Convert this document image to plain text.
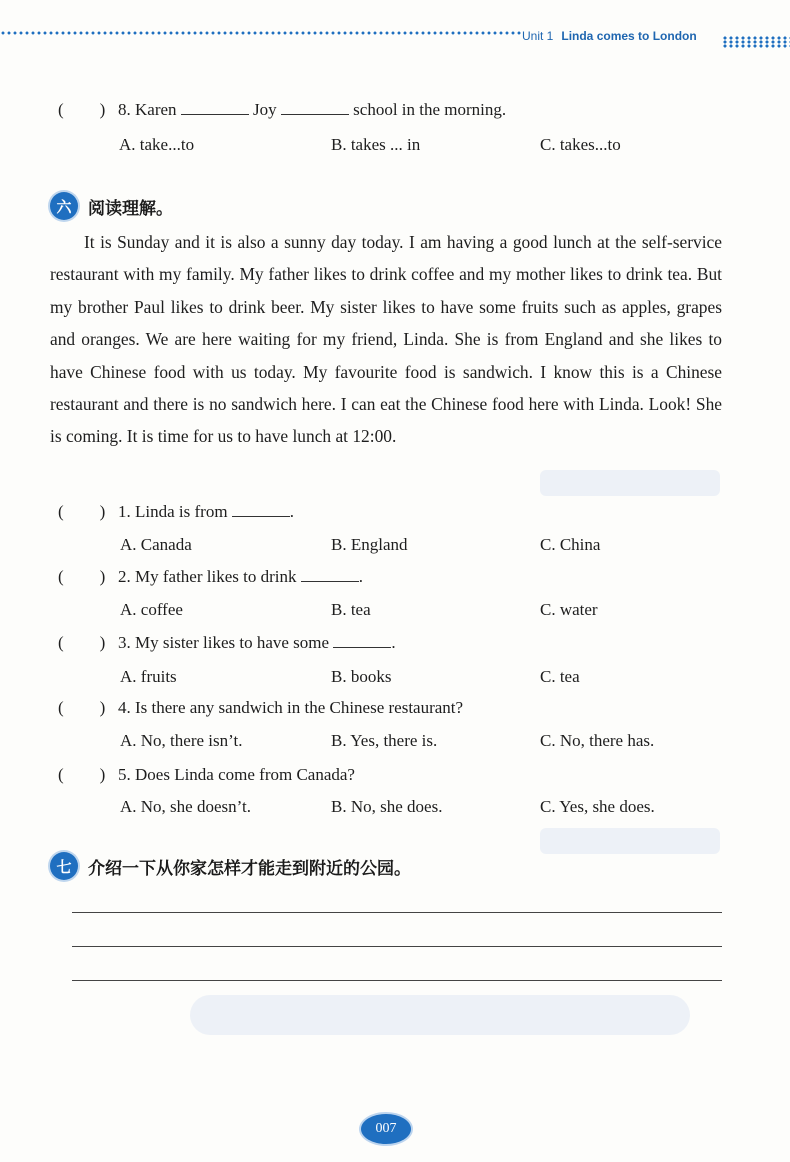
Unit 1 Linda comes to London
( ) 8. Karen	Joy	school in the morning.
A. take...to	B. takes ... in	C. takes...to
六 阅读理解。

It is Sunday and it is also a sunny day today. I am having a good lunch at the self-service restaurant with my family. My father likes to drink coffee and my mother likes to drink tea. But my brother Paul likes to drink beer. My sister likes to have some fruits such as apples, grapes and oranges. We are here waiting for my friend, Linda. She is from England and she likes to have Chinese food with us today. My favourite food is sandwich. I know this is a Chinese restaurant and there is no sandwich here. I can eat the Chinese food here with Linda. Look! She is coming. It is time for us to have lunch at 12:00.

( ) 1. Linda is from	.
A. Canada	B. England	C. China
( ) 2. My father likes to drink	.
A. coffee	B. tea	C. water
( ) 3. My sister likes to have some	.
A. fruits	B. books	C. tea
( ) 4. Is there any sandwich in the Chinese restaurant?
A. No, there isn’t.	B. Yes, there is.	C. No, there has.
( ) 5. Does Linda come from Canada?
A. No, she doesn’t.	B. No, she does.	C. Yes, she does.
七 介绍一下从你家怎样才能走到附近的公园。
007
